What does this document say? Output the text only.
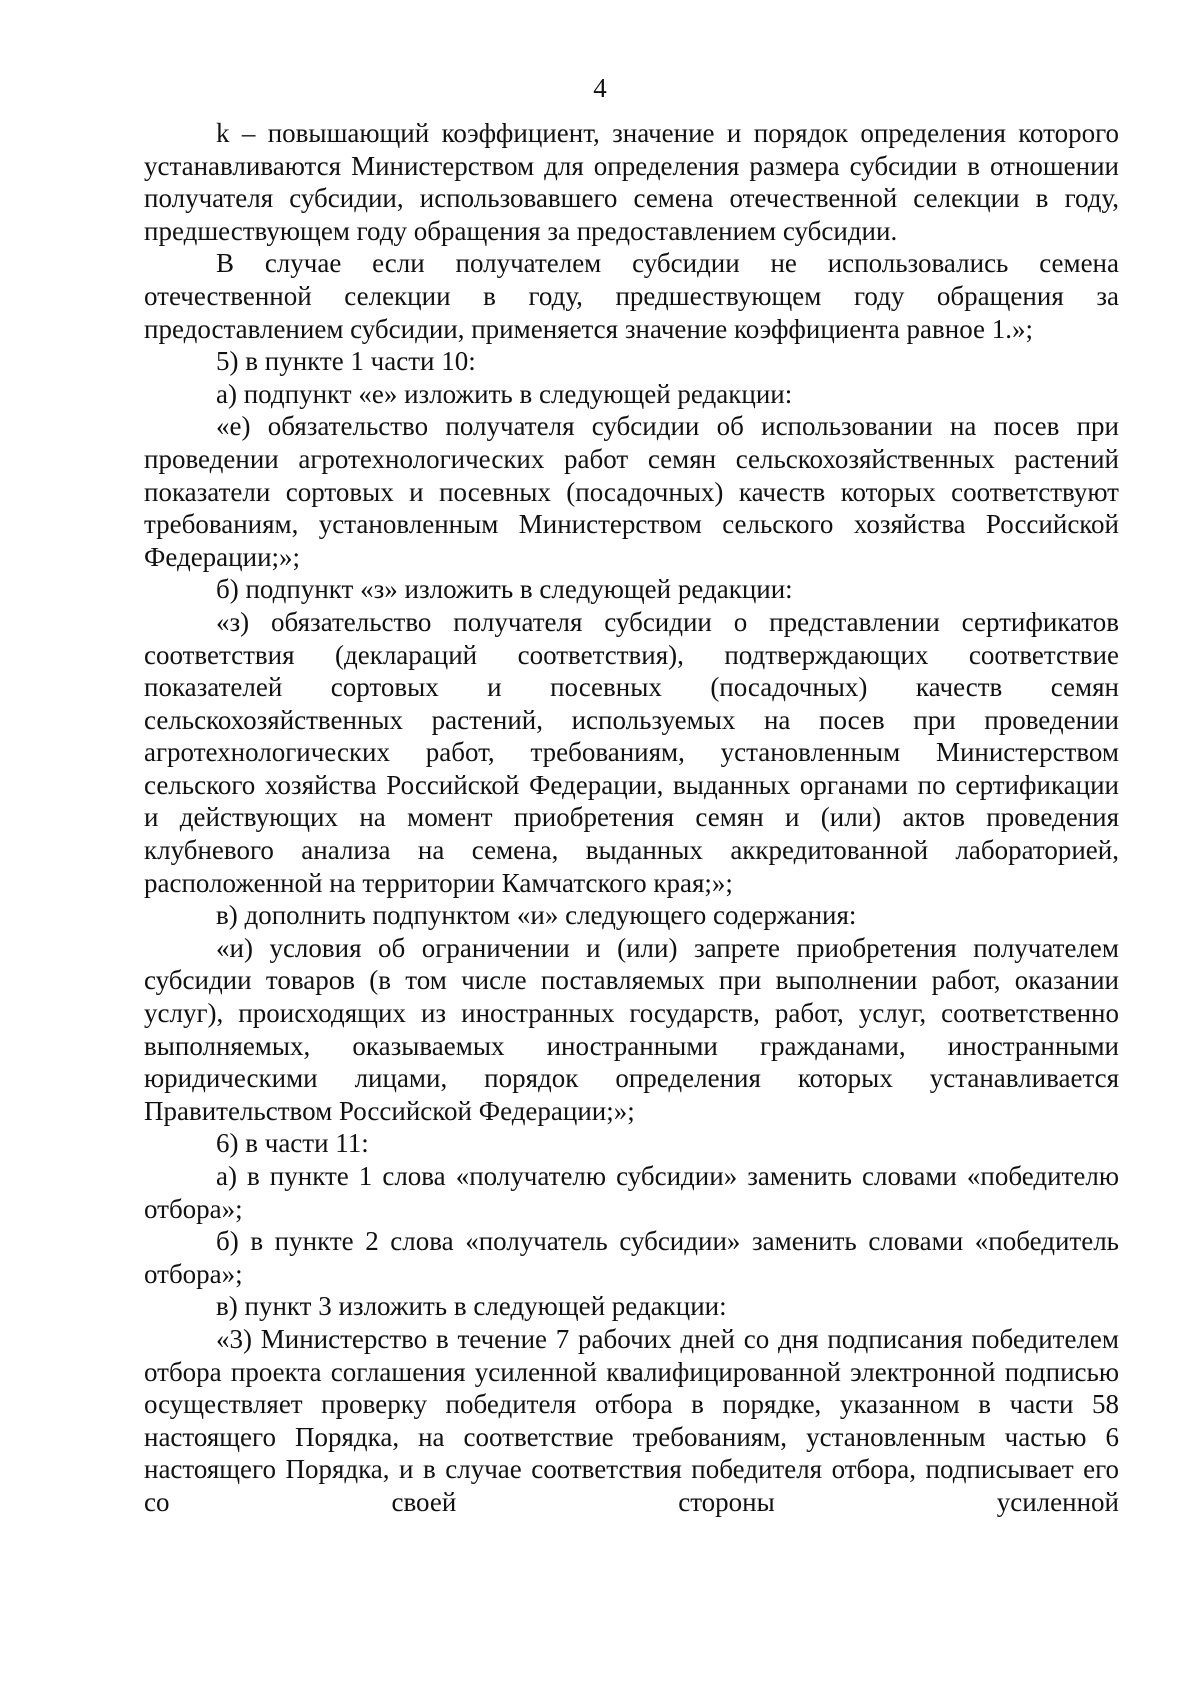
4

k – повышающий коэффициент, значение и порядок определения которого устанавливаются Министерством для определения размера субсидии в отношении получателя субсидии, использовавшего семена отечественной селекции в году, предшествующем году обращения за предоставлением субсидии.

В случае если получателем субсидии не использовались семена отечественной селекции в году, предшествующем году обращения за предоставлением субсидии, применяется значение коэффициента равное 1.»;

5) в пункте 1 части 10:

а) подпункт «е» изложить в следующей редакции:

«е) обязательство получателя субсидии об использовании на посев при проведении агротехнологических работ семян сельскохозяйственных растений показатели сортовых и посевных (посадочных) качеств которых соответствуют требованиям, установленным Министерством сельского хозяйства Российской Федерации;»;

б) подпункт «з» изложить в следующей редакции:

«з) обязательство получателя субсидии о представлении сертификатов соответствия (деклараций соответствия), подтверждающих соответствие показателей сортовых и посевных (посадочных) качеств семян сельскохозяйственных растений, используемых на посев при проведении агротехнологических работ, требованиям, установленным Министерством сельского хозяйства Российской Федерации, выданных органами по сертификации и действующих на момент приобретения семян и (или) актов проведения клубневого анализа на семена, выданных аккредитованной лабораторией, расположенной на территории Камчатского края;»;

в) дополнить подпунктом «и» следующего содержания:

«и) условия об ограничении и (или) запрете приобретения получателем субсидии товаров (в том числе поставляемых при выполнении работ, оказании услуг), происходящих из иностранных государств, работ, услуг, соответственно выполняемых, оказываемых иностранными гражданами, иностранными юридическими лицами, порядок определения которых устанавливается Правительством Российской Федерации;»;

6) в части 11:

а) в пункте 1 слова «получателю субсидии» заменить словами «победителю отбора»;

б) в пункте 2 слова «получатель субсидии» заменить словами «победитель отбора»;

в) пункт 3 изложить в следующей редакции:

«3) Министерство в течение 7 рабочих дней со дня подписания победителем отбора проекта соглашения усиленной квалифицированной электронной подписью осуществляет проверку победителя отбора в порядке, указанном в части 58 настоящего Порядка, на соответствие требованиям, установленным частью 6 настоящего Порядка, и в случае соответствия победителя отбора, подписывает его со своей стороны усиленной
